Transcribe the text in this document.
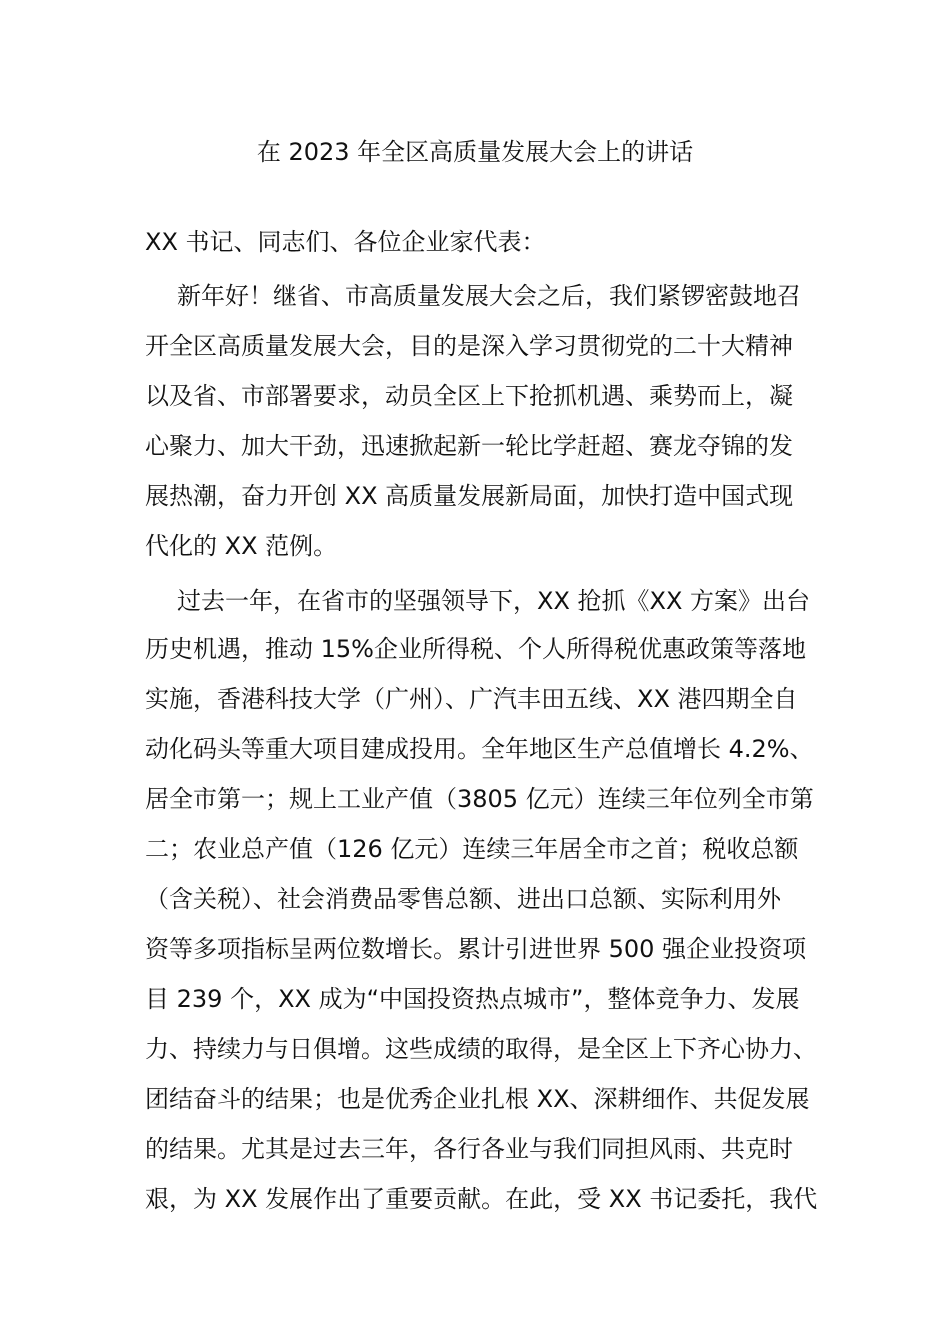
在 2023 年全区高质量发展大会上的讲话
XX 书记、同志们、各位企业家代表：
新年好！继省、市高质量发展大会之后，我们紧锣密鼓地召
开全区高质量发展大会，目的是深入学习贯彻党的二十大精神
以及省、市部署要求，动员全区上下抢抓机遇、乘势而上，凝
心聚力、加大干劲，迅速掀起新一轮比学赶超、赛龙夺锦的发
展热潮，奋力开创 XX 高质量发展新局面，加快打造中国式现
代化的 XX 范例。
过去一年，在省市的坚强领导下，XX 抢抓《XX 方案》出台
历史机遇，推动 15%企业所得税、个人所得税优惠政策等落地
实施，香港科技大学（广州）、广汽丰田五线、XX 港四期全自
动化码头等重大项目建成投用。全年地区生产总值增长 4.2%、
居全市第一；规上工业产值（3805 亿元）连续三年位列全市第
二；农业总产值（126 亿元）连续三年居全市之首；税收总额
（含关税）、社会消费品零售总额、进出口总额、实际利用外
资等多项指标呈两位数增长。累计引进世界 500 强企业投资项
目 239 个，XX 成为“中国投资热点城市”，整体竞争力、发展
力、持续力与日俱增。这些成绩的取得，是全区上下齐心协力、
团结奋斗的结果；也是优秀企业扎根 XX、深耕细作、共促发展
的结果。尤其是过去三年，各行各业与我们同担风雨、共克时
艰，为 XX 发展作出了重要贡献。在此，受 XX 书记委托，我代
